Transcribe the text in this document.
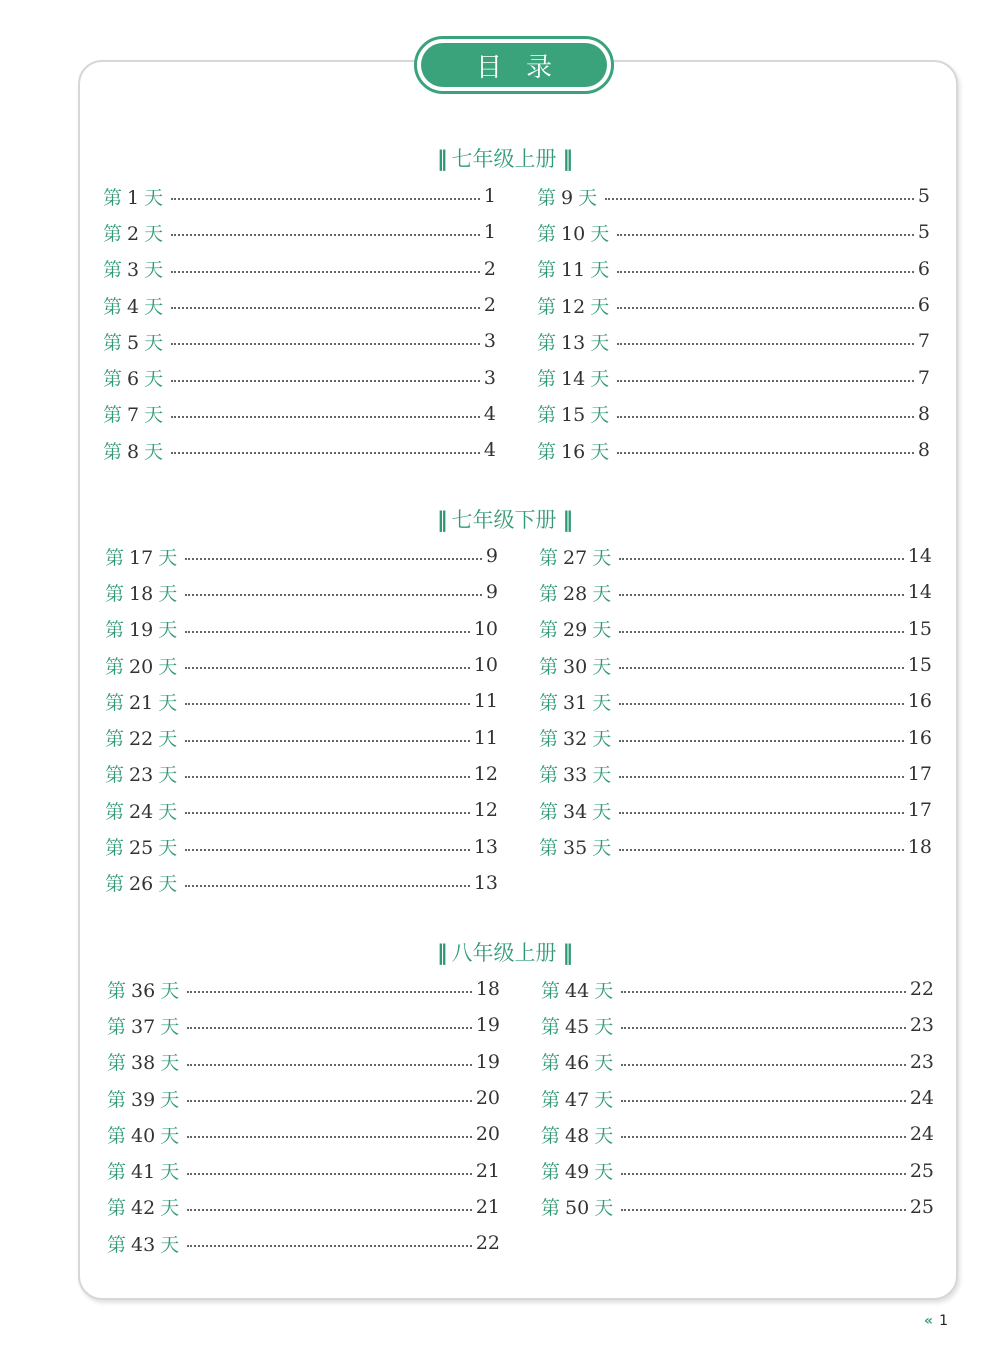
目录
‖ 七年级上册 ‖
第 1 天	1
第 2 天	1
第 3 天	2
第 4 天	2
第 5 天	3
第 6 天	3
第 7 天	4
第 8 天	4
第 9 天	5
第 10 天	5
第 11 天	6
第 12 天	6
第 13 天	7
第 14 天	7
第 15 天	8
第 16 天	8
‖ 七年级下册 ‖
第 17 天	9
第 18 天	9
第 19 天	10
第 20 天	10
第 21 天	11
第 22 天	11
第 23 天	12
第 24 天	12
第 25 天	13
第 26 天	13
第 27 天	14
第 28 天	14
第 29 天	15
第 30 天	15
第 31 天	16
第 32 天	16
第 33 天	17
第 34 天	17
第 35 天	18
‖ 八年级上册 ‖
第 36 天	18
第 37 天	19
第 38 天	19
第 39 天	20
第 40 天	20
第 41 天	21
第 42 天	21
第 43 天	22
第 44 天	22
第 45 天	23
第 46 天	23
第 47 天	24
第 48 天	24
第 49 天	25
第 50 天	25
« 1
